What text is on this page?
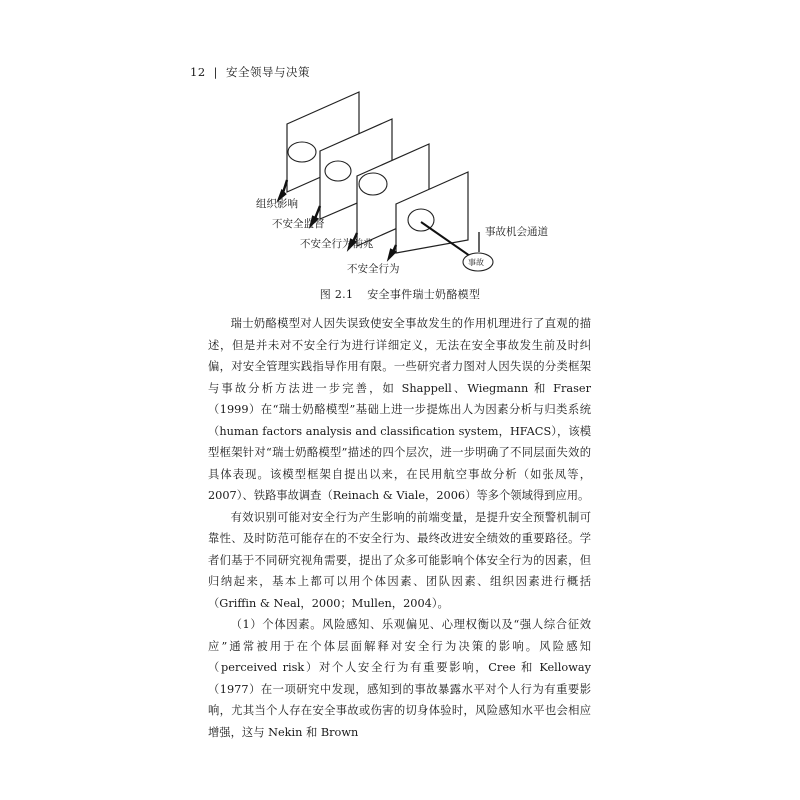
12 | 安全领导与决策
组织影响
不安全监督
不安全行为前兆
不安全行为
事故机会通道
事故
图 2.1 安全事件瑞士奶酪模型

瑞士奶酪模型对人因失误致使安全事故发生的作用机理进行了直观的描述，但是并未对不安全行为进行详细定义，无法在安全事故发生前及时纠偏，对安全管理实践指导作用有限。一些研究者力图对人因失误的分类框架与事故分析方法进一步完善，如 Shappell、Wiegmann 和 Fraser（1999）在“瑞士奶酪模型”基础上进一步提炼出人为因素分析与归类系统（human factors analysis and classification system，HFACS），该模型框架针对“瑞士奶酪模型”描述的四个层次，进一步明确了不同层面失效的具体表现。该模型框架自提出以来，在民用航空事故分析（如张凤等，2007）、铁路事故调查（Reinach & Viale，2006）等多个领域得到应用。

有效识别可能对安全行为产生影响的前端变量，是提升安全预警机制可靠性、及时防范可能存在的不安全行为、最终改进安全绩效的重要路径。学者们基于不同研究视角需要，提出了众多可能影响个体安全行为的因素，但归纳起来，基本上都可以用个体因素、团队因素、组织因素进行概括（Griffin & Neal，2000；Mullen，2004）。

（1）个体因素。风险感知、乐观偏见、心理权衡以及“强人综合征效应”通常被用于在个体层面解释对安全行为决策的影响。风险感知（perceived risk）对个人安全行为有重要影响，Cree 和 Kelloway（1977）在一项研究中发现，感知到的事故暴露水平对个人行为有重要影响，尤其当个人存在安全事故或伤害的切身体验时，风险感知水平也会相应增强，这与 Nekin 和 Brown
